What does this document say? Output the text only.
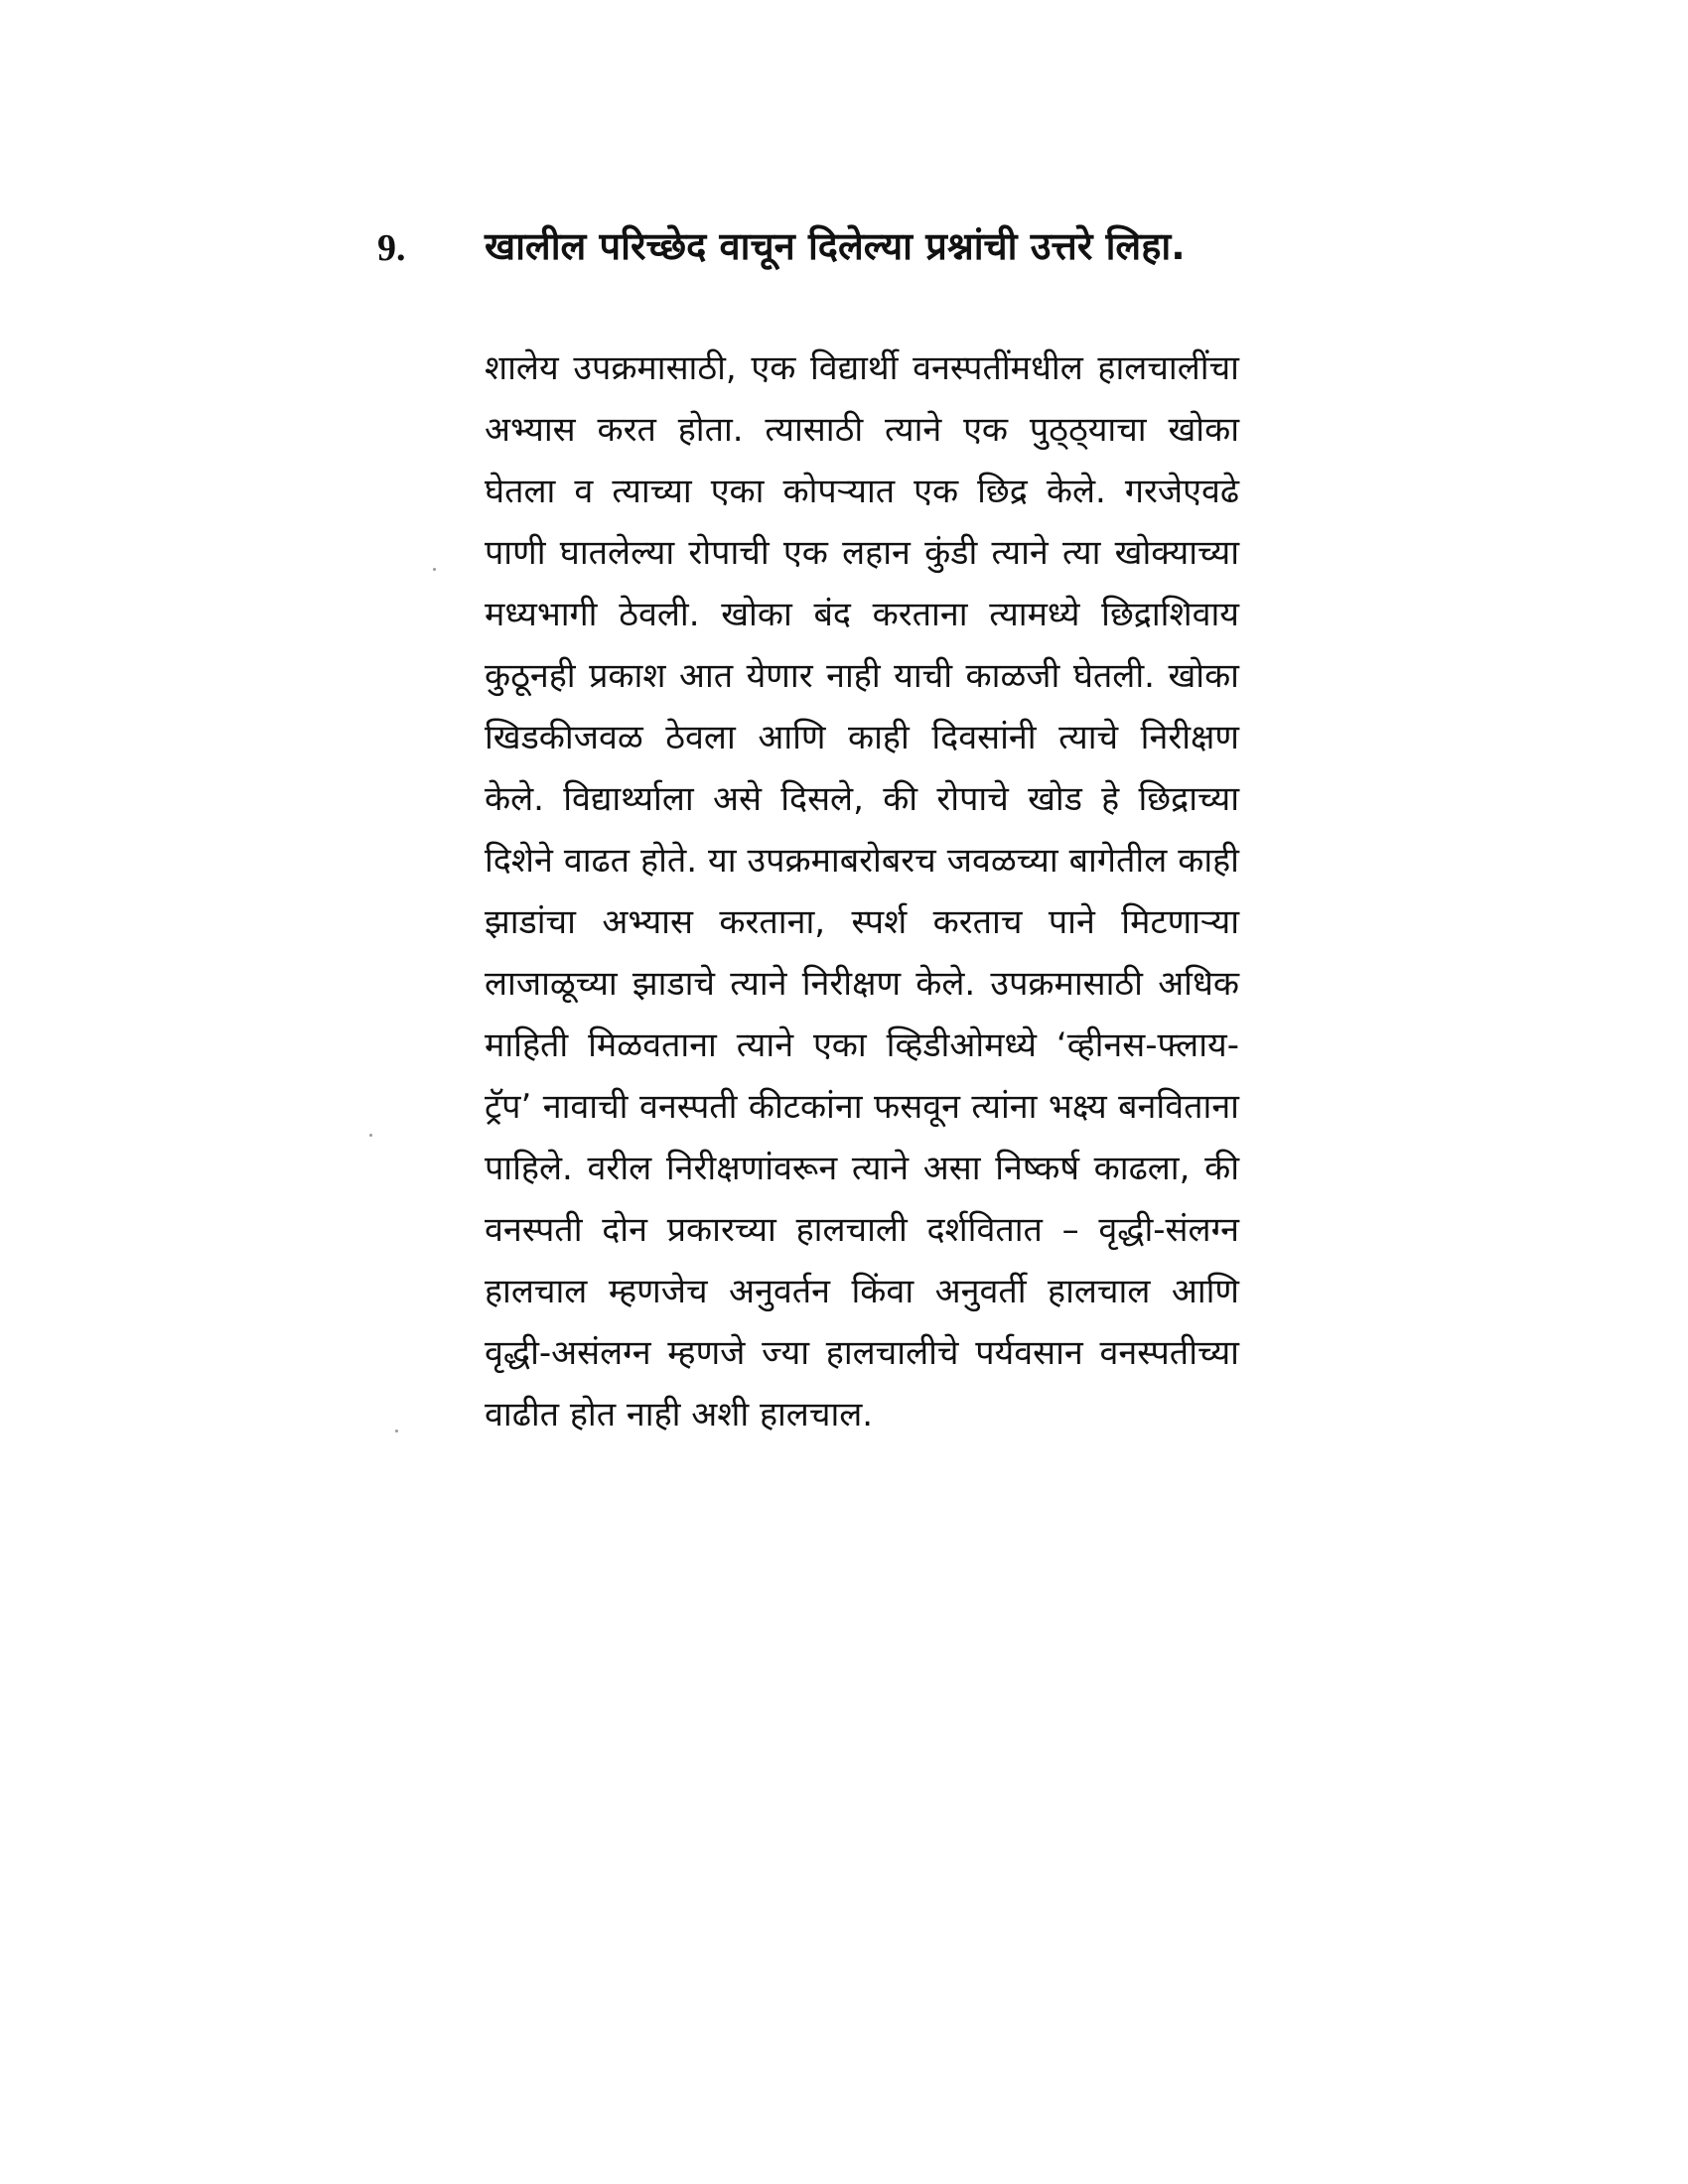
9. खालील परिच्छेद वाचून दिलेल्या प्रश्नांची उत्तरे लिहा.

शालेय उपक्रमासाठी, एक विद्यार्थी वनस्पतींमधील हालचालींचा अभ्यास करत होता. त्यासाठी त्याने एक पुठ्ठ्याचा खोका घेतला व त्याच्या एका कोपऱ्यात एक छिद्र केले. गरजेएवढे पाणी घातलेल्या रोपाची एक लहान कुंडी त्याने त्या खोक्याच्या मध्यभागी ठेवली. खोका बंद करताना त्यामध्ये छिद्राशिवाय कुठूनही प्रकाश आत येणार नाही याची काळजी घेतली. खोका खिडकीजवळ ठेवला आणि काही दिवसांनी त्याचे निरीक्षण केले. विद्यार्थ्याला असे दिसले, की रोपाचे खोड हे छिद्राच्या दिशेने वाढत होते. या उपक्रमाबरोबरच जवळच्या बागेतील काही झाडांचा अभ्यास करताना, स्पर्श करताच पाने मिटणाऱ्या लाजाळूच्या झाडाचे त्याने निरीक्षण केले. उपक्रमासाठी अधिक माहिती मिळवताना त्याने एका व्हिडीओमध्ये ‘व्हीनस-फ्लाय-ट्रॅप’ नावाची वनस्पती कीटकांना फसवून त्यांना भक्ष्य बनविताना पाहिले. वरील निरीक्षणांवरून त्याने असा निष्कर्ष काढला, की वनस्पती दोन प्रकारच्या हालचाली दर्शवितात – वृद्धी-संलग्न हालचाल म्हणजेच अनुवर्तन किंवा अनुवर्ती हालचाल आणि वृद्धी-असंलग्न म्हणजे ज्या हालचालीचे पर्यवसान वनस्पतीच्या वाढीत होत नाही अशी हालचाल.
